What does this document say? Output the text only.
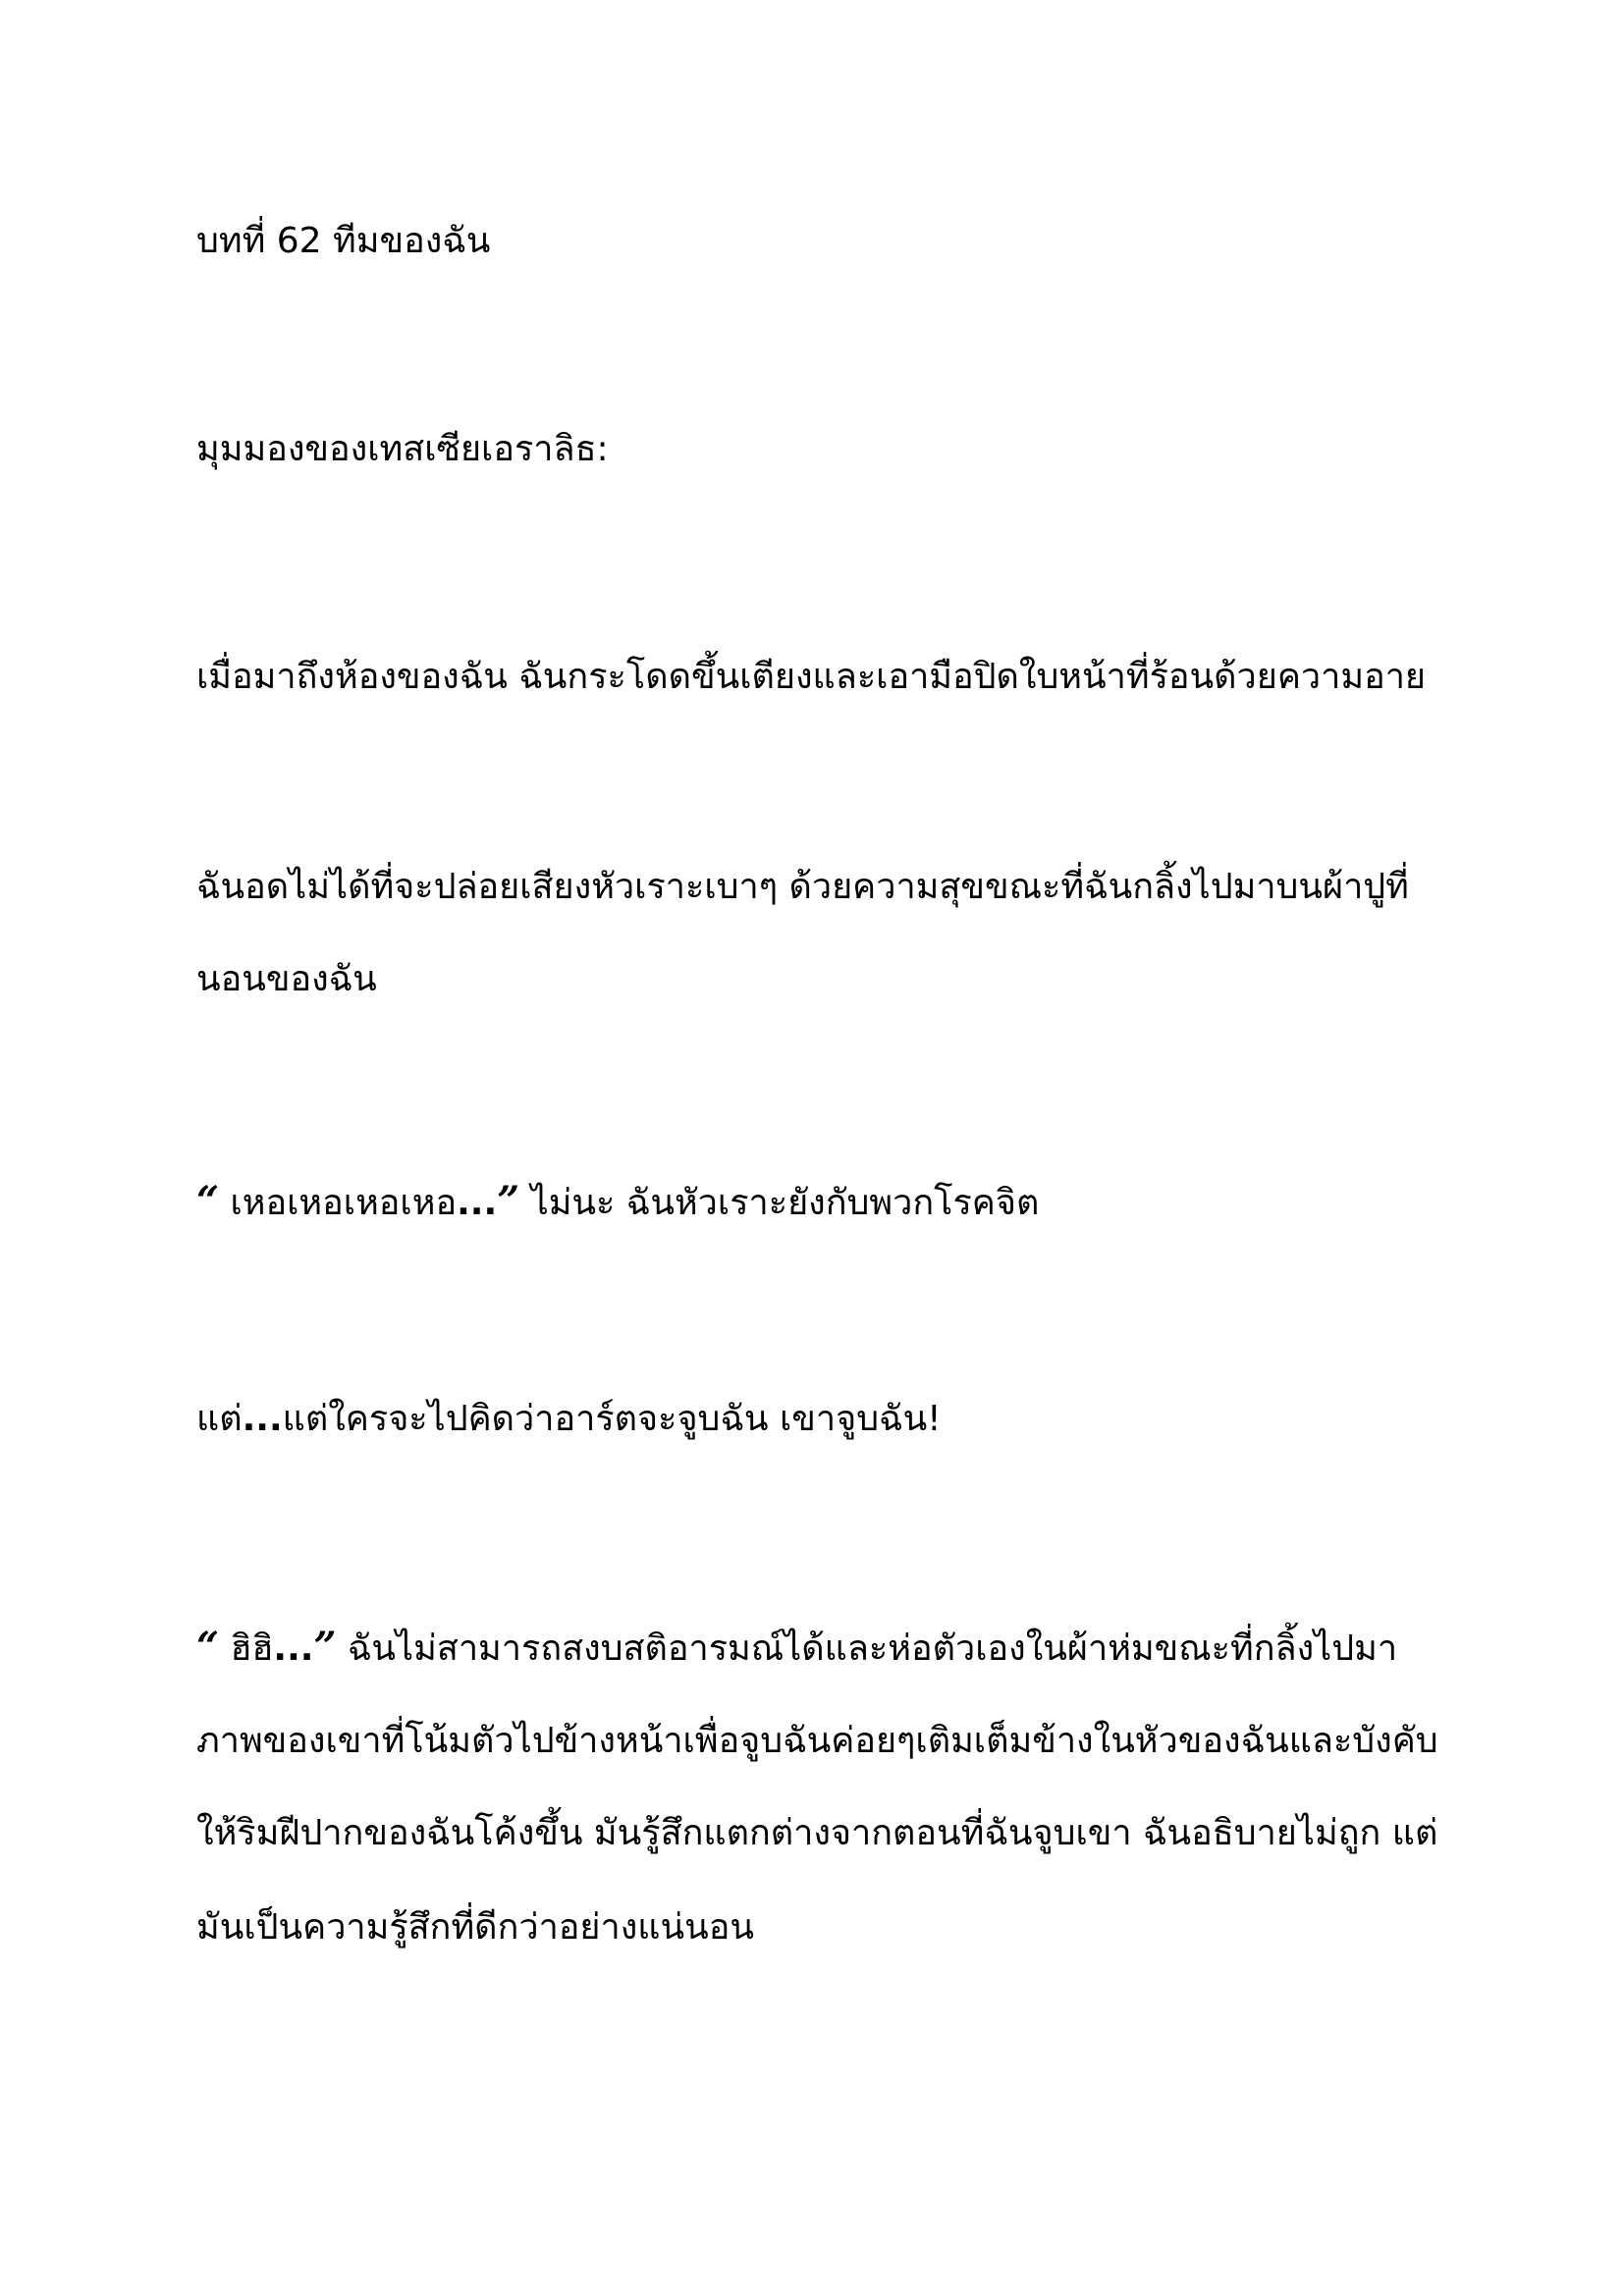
บทที่ 62 ทีมของฉัน

มุมมองของเทสเซียเอราลิธ:

เมื่อมาถึงห้องของฉัน ฉันกระโดดขึ้นเตียงและเอามือปิดใบหน้าที่ร้อนด้วยความอาย

ฉันอดไม่ได้ที่จะปล่อยเสียงหัวเราะเบาๆ ด้วยความสุขขณะที่ฉันกลิ้งไปมาบนผ้าปูที่

นอนของฉัน

“ เหอเหอเหอเหอ...” ไม่นะ ฉันหัวเราะยังกับพวกโรคจิต

แต่...แต่ใครจะไปคิดว่าอาร์ตจะจูบฉัน เขาจูบฉัน!

“ ฮิฮิ...” ฉันไม่สามารถสงบสติอารมณ์ได้และห่อตัวเองในผ้าห่มขณะที่กลิ้งไปมา

ภาพของเขาที่โน้มตัวไปข้างหน้าเพื่อจูบฉันค่อยๆเติมเต็มข้างในหัวของฉันและบังคับ

ให้ริมฝีปากของฉันโค้งขึ้น มันรู้สึกแตกต่างจากตอนที่ฉันจูบเขา ฉันอธิบายไม่ถูก แต่

มันเป็นความรู้สึกที่ดีกว่าอย่างแน่นอน
